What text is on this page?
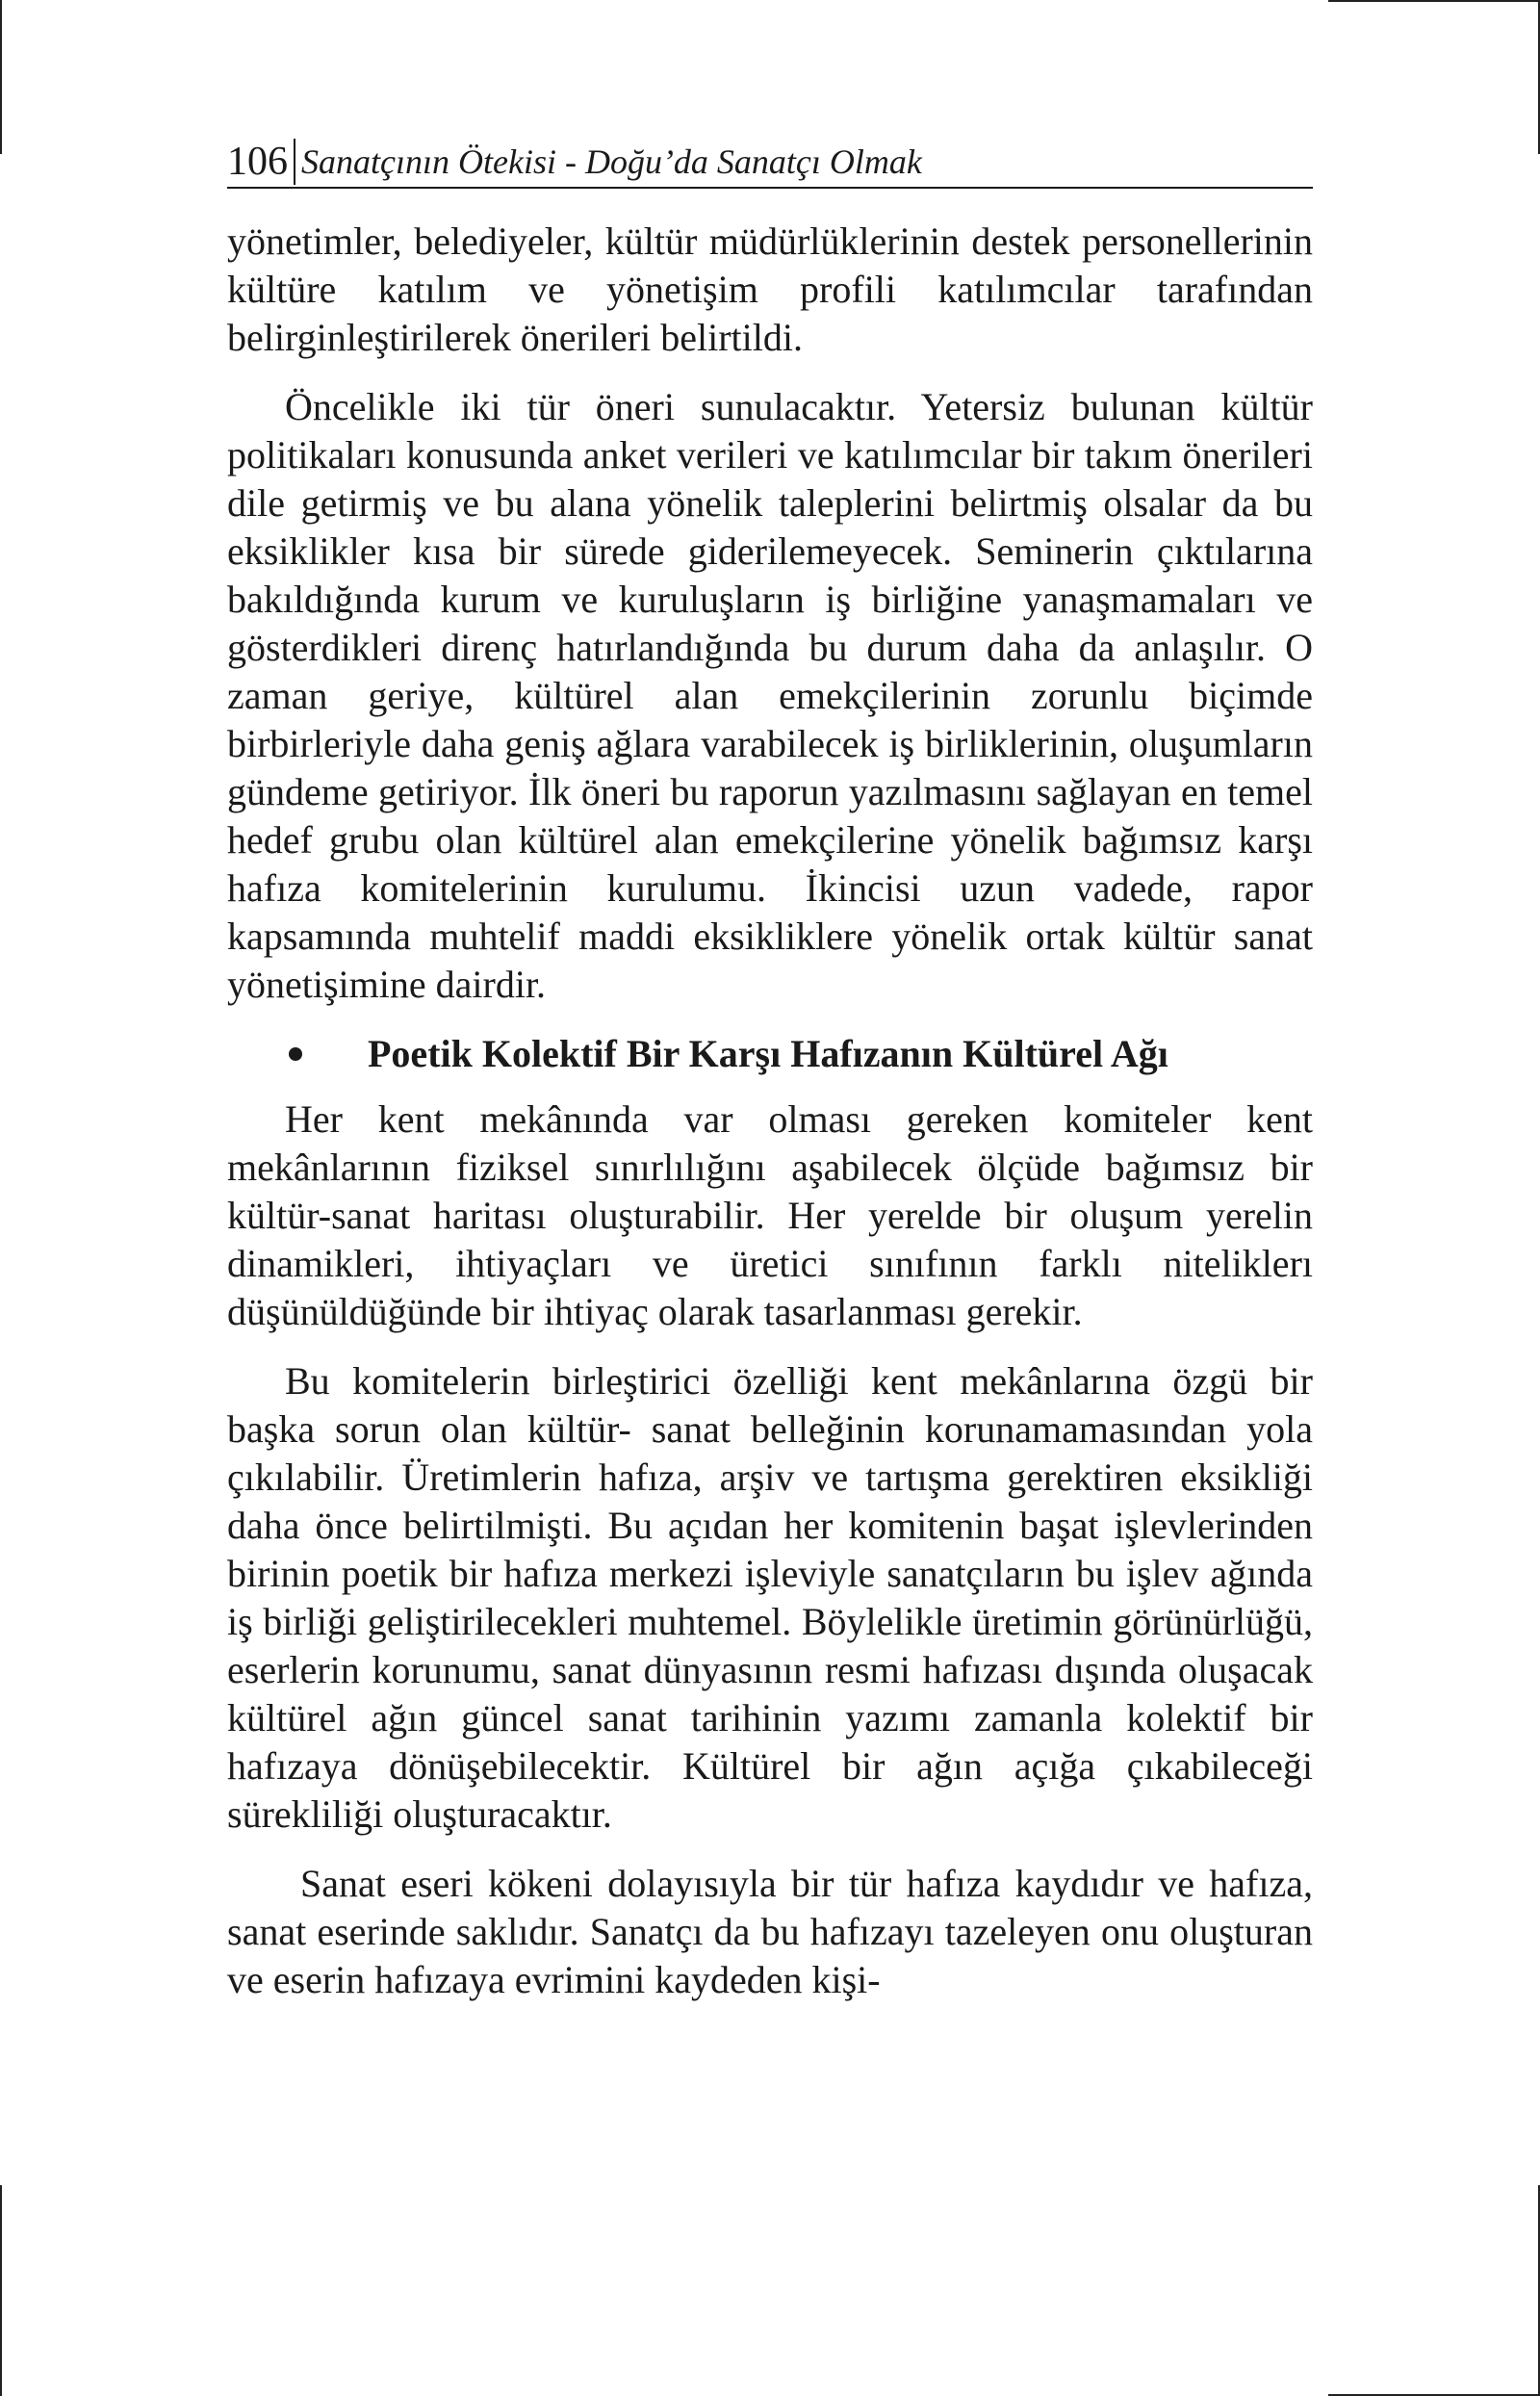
106 Sanatçının Ötekisi - Doğu’da Sanatçı Olmak

yönetimler, belediyeler, kültür müdürlüklerinin destek personellerinin kültüre katılım ve yönetişim profili katılımcılar tarafından belirginleştirilerek önerileri belirtildi.

Öncelikle iki tür öneri sunulacaktır. Yetersiz bulunan kültür politikaları konusunda anket verileri ve katılımcılar bir takım önerileri dile getirmiş ve bu alana yönelik taleplerini belirtmiş olsalar da bu eksiklikler kısa bir sürede giderilemeyecek. Seminerin çıktılarına bakıldığında kurum ve kuruluşların iş birliğine yanaşmamaları ve gösterdikleri direnç hatırlandığında bu durum daha da anlaşılır. O zaman geriye, kültürel alan emekçilerinin zorunlu biçimde birbirleriyle daha geniş ağlara varabilecek iş birliklerinin, oluşumların gündeme getiriyor. İlk öneri bu raporun yazılmasını sağlayan en temel hedef grubu olan kültürel alan emekçilerine yönelik bağımsız karşı hafıza komitelerinin kurulumu. İkincisi uzun vadede, rapor kapsamında muhtelif maddi eksikliklere yönelik ortak kültür sanat yönetişimine dairdir.

Poetik Kolektif Bir Karşı Hafızanın Kültürel Ağı

Her kent mekânında var olması gereken komiteler kent mekânlarının fiziksel sınırlılığını aşabilecek ölçüde bağımsız bir kültür-sanat haritası oluşturabilir. Her yerelde bir oluşum yerelin dinamikleri, ihtiyaçları ve üretici sınıfının farklı niteliklerı düşünüldüğünde bir ihtiyaç olarak tasarlanması gerekir.

Bu komitelerin birleştirici özelliği kent mekânlarına özgü bir başka sorun olan kültür- sanat belleğinin korunamamasından yola çıkılabilir. Üretimlerin hafıza, arşiv ve tartışma gerektiren eksikliği daha önce belirtilmişti. Bu açıdan her komitenin başat işlevlerinden birinin poetik bir hafıza merkezi işleviyle sanatçıların bu işlev ağında iş birliği geliştirilecekleri muhtemel. Böylelikle üretimin görünürlüğü, eserlerin korunumu, sanat dünyasının resmi hafızası dışında oluşacak kültürel ağın güncel sanat tarihinin yazımı zamanla kolektif bir hafızaya dönüşebilecektir. Kültürel bir ağın açığa çıkabileceği sürekliliği oluşturacaktır.

Sanat eseri kökeni dolayısıyla bir tür hafıza kaydıdır ve hafıza, sanat eserinde saklıdır. Sanatçı da bu hafızayı tazeleyen onu oluşturan ve eserin hafızaya evrimini kaydeden kişi-
